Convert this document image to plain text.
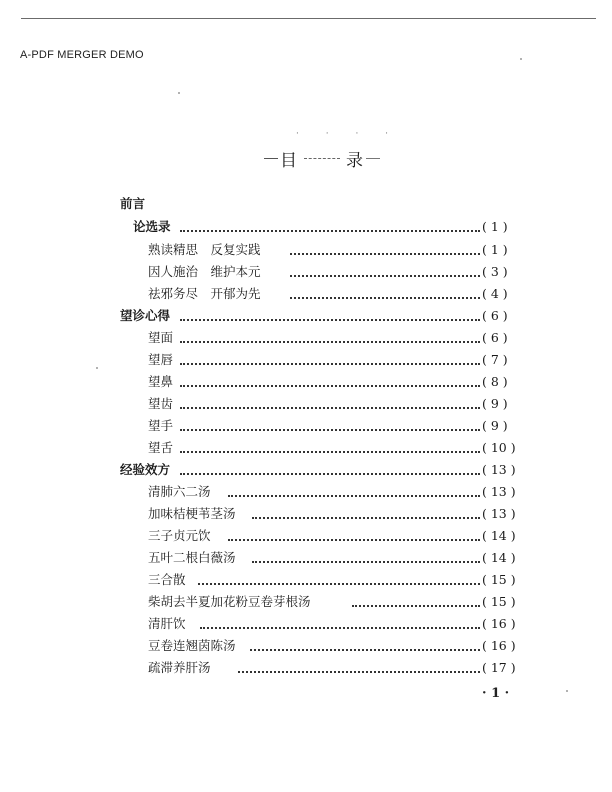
A-PDF MERGER DEMO
· · · ·
目	录
前言
论选录	( 1 )
熟读精思　反复实践	( 1 )
因人施治　维护本元	( 3 )
祛邪务尽　开郁为先	( 4 )
望诊心得	( 6 )
望面	( 6 )
望唇	( 7 )
望鼻	( 8 )
望齿	( 9 )
望手	( 9 )
望舌	( 10 )
经验效方	( 13 )
清肺六二汤	( 13 )
加味桔梗苇茎汤	( 13 )
三子贞元饮	( 14 )
五叶二根白薇汤	( 14 )
三合散	( 15 )
柴胡去半夏加花粉豆卷芽根汤	( 15 )
清肝饮	( 16 )
豆卷连翘茵陈汤	( 16 )
疏滞养肝汤	( 17 )
· 1 ·
